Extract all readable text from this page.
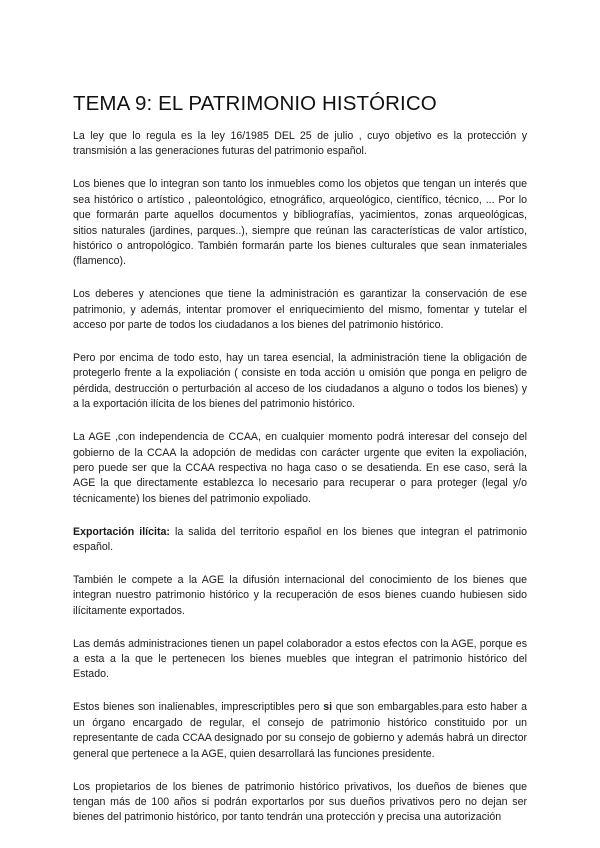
TEMA 9: EL PATRIMONIO HISTÓRICO

La ley que lo regula es la ley 16/1985 DEL 25 de julio , cuyo objetivo es la protección y transmisión a las generaciones futuras del patrimonio español.

Los bienes que lo integran son tanto los inmuebles como los objetos que tengan un interés que sea histórico o artístico , paleontológico, etnográfico, arqueológico, científico, técnico, ... Por lo que formarán parte aquellos documentos y bibliografías, yacimientos, zonas arqueológicas, sitios naturales (jardines, parques..), siempre que reúnan las características de valor artístico, histórico o antropológico. También formarán parte los bienes culturales que sean inmateriales (flamenco).

Los deberes y atenciones que tiene la administración es garantizar la conservación de ese patrimonio, y además, intentar promover el enriquecimiento del mismo, fomentar y tutelar el acceso por parte de todos los ciudadanos a los bienes del patrimonio histórico.

Pero por encima de todo esto, hay un tarea esencial, la administración tiene la obligación de protegerlo frente a la expoliación ( consiste en toda acción u omisión que ponga en peligro de pérdida, destrucción o perturbación al acceso de los ciudadanos a alguno o todos los bienes) y a la exportación ilícita de los bienes del patrimonio histórico.

La AGE ,con independencia de CCAA, en cualquier momento podrá interesar del consejo del gobierno de la CCAA la adopción de medidas con carácter urgente que eviten la expoliación, pero puede ser que la CCAA respectiva no haga caso o se desatienda. En ese caso, será la AGE la que directamente establezca lo necesario para recuperar o para proteger (legal y/o técnicamente) los bienes del patrimonio expoliado.

Exportación ilícita: la salida del territorio español en los bienes que integran el patrimonio español.

También le compete a la AGE la difusión internacional del conocimiento de los bienes que integran nuestro patrimonio histórico y la recuperación de esos bienes cuando hubiesen sido ilícitamente exportados.

Las demás administraciones tienen un papel colaborador a estos efectos con la AGE, porque es a esta a la que le pertenecen los bienes muebles que integran el patrimonio histórico del Estado.

Estos bienes son inalienables, imprescriptibles pero si que son embargables.para esto haber a un órgano encargado de regular, el consejo de patrimonio histórico constituido por un representante de cada CCAA designado por su consejo de gobierno y además habrá un director general que pertenece a la AGE, quien desarrollará las funciones presidente.

Los propietarios de los bienes de patrimonio histórico privativos, los dueños de bienes que tengan más de 100 años si podrán exportarlos por sus dueños privativos pero no dejan ser bienes del patrimonio histórico, por tanto tendrán una protección y precisa una autorización
